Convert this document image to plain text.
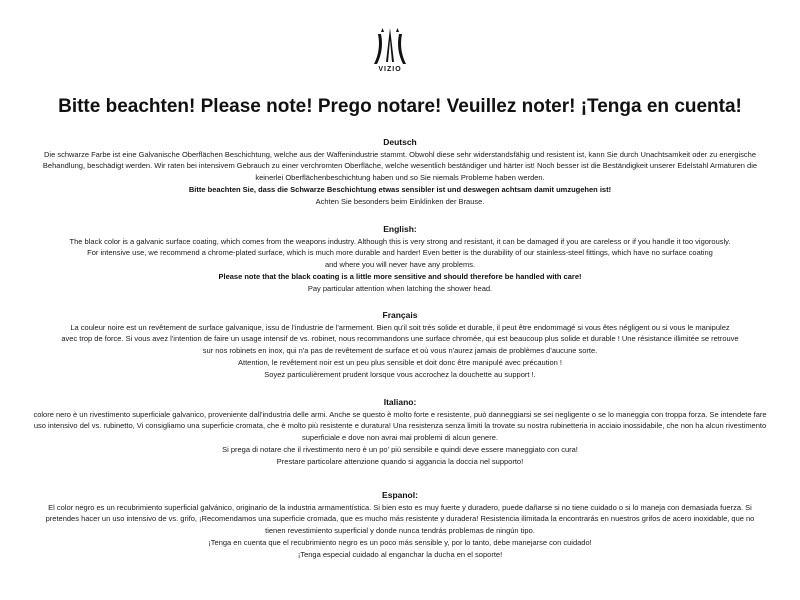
VIZIO
Bitte beachten! Please note! Prego notare! Veuillez noter! ¡Tenga en cuenta!
Deutsch
Die schwarze Farbe ist eine Galvanische Oberflächen Beschichtung, welche aus der Waffenindustrie stammt. Obwohl diese sehr widerstandsfähig und resistent ist, kann Sie durch Unachtsamkeit oder zu energische
Behandlung, beschädigt werden. Wir raten bei intensivem Gebrauch zu einer verchromten Oberfläche, welche wesentlich beständiger und härter ist! Noch besser ist die Beständigkeit unserer Edelstahl Armaturen die
keinerlei Oberflächenbeschichtung haben und so Sie niemals Probleme haben werden.
Bitte beachten Sie, dass die Schwarze Beschichtung etwas sensibler ist und deswegen achtsam damit umzugehen ist!
Achten Sie besonders beim Einklinken der Brause.
English:
The black color is a galvanic surface coating, which comes from the weapons industry. Although this is very strong and resistant, it can be damaged if you are careless or if you handle it too vigorously.
For intensive use, we recommend a chrome-plated surface, which is much more durable and harder! Even better is the durability of our stainless-steel fittings, which have no surface coating
and where you will never have any problems.
Please note that the black coating is a little more sensitive and should therefore be handled with care!
Pay particular attention when latching the shower head.
Français
La couleur noire est un revêtement de surface galvanique, issu de l'industrie de l'armement. Bien qu'il soit très solide et durable, il peut être endommagé si vous êtes négligent ou si vous le manipulez
avec trop de force. Si vous avez l'intention de faire un usage intensif de vs. robinet, nous recommandons une surface chromée, qui est beaucoup plus solide et durable ! Une résistance illimitée se retrouve
sur nos robinets en inox, qui n'a pas de revêtement de surface et où vous n'aurez jamais de problèmes d'aucune sorte.
Attention, le revêtement noir est un peu plus sensible et doit donc être manipulé avec précaution !
Soyez particulièrement prudent lorsque vous accrochez la douchette au support !.
Italiano:
colore nero è un rivestimento superficiale galvanico, proveniente dall'industria delle armi. Anche se questo è molto forte e resistente, può danneggiarsi se sei negligente o se lo maneggia con troppa forza. Se intendete fare
uso intensivo del vs. rubinetto, Vi consigliamo una superficie cromata, che è molto più resistente e duratura! Una resistenza senza limiti la trovate su nostra rubinetteria in acciaio inossidabile, che non ha alcun rivestimento
superficiale e dove non avrai mai problemi di alcun genere.
Si prega di notare che il rivestimento nero è un po' più sensibile e quindi deve essere maneggiato con cura!
Prestare particolare attenzione quando si aggancia la doccia nel supporto!
Espanol:
El color negro es un recubrimiento superficial galvánico, originario de la industria armamentística. Si bien esto es muy fuerte y duradero, puede dañarse si no tiene cuidado o si lo maneja con demasiada fuerza. Si
pretendes hacer un uso intensivo de vs. grifo, ¡Recomendamos una superficie cromada, que es mucho más resistente y duradera! Resistencia ilimitada la encontrarás en nuestros grifos de acero inoxidable, que no
tienen revestimiento superficial y donde nunca tendrás problemas de ningún tipo.
¡Tenga en cuenta que el recubrimiento negro es un poco más sensible y, por lo tanto, debe manejarse con cuidado!
¡Tenga especial cuidado al enganchar la ducha en el soporte!
